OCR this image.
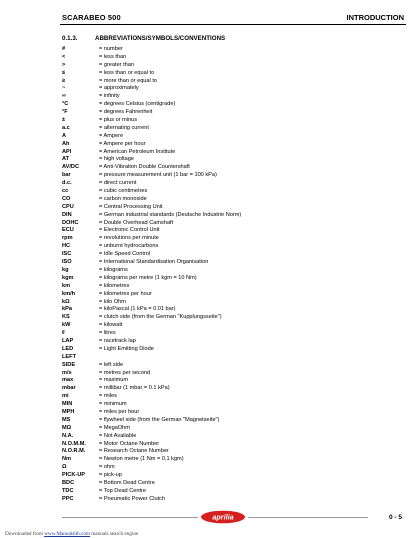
SCARABEO 500	INTRODUCTION
0.1.3.	ABBREVIATIONS/SYMBOLS/CONVENTIONS
#	= number
<	= less than
>	= greater than
≤	= less than or equal to
≥	= more than or equal to
~	= approximately
∞	= infinity
°C	= degrees Celsius (centigrade)
°F	= degrees Fahrenheit
±	= plus or minus
a.c	= alternating current
A	= Ampere
Ah	= Ampere per hour
API	= American Petroleum Institute
AT	= high voltage
AV/DC	= Anti-Vibration Double Countershaft
bar	= pressure measurement unit (1 bar = 100 kPa)
d.c.	= direct current
cc	= cubic centimetres
CO	= carbon monoxide
CPU	= Central Processing Unit
DIN	= German industrial standards (Deutsche Industrie Norm)
DOHC	= Double Overhead Camshaft
ECU	= Electronic Control Unit
rpm	= revolutions per minute
HC	= unburnt hydrocarbons
ISC	= Idle Speed Control
ISO	= International Standardisation Organisation
kg	= kilograms
kgm	= kilograms per metre (1 kgm = 10 Nm)
km	= kilometres
km/h	= kilometres per hour
kΩ	= kilo Ohm
kPa	= kiloPascal (1 kPa = 0.01 bar)
KS	= clutch side (from the German "Kupplungsseite")
kW	= kilowatt
ℓ	= litres
LAP	= racetrack lap
LED	= Light Emitting Diode
LEFT
SIDE	= left side
m/s	= metres per second
max	= maximum
mbar	= millibar (1 mbar = 0.1 kPa)
mi	= miles
MIN	= minimum
MPH	= miles per hour
MS	= flywheel side (from the German "Magnetseite")
MΩ	= MegaOhm
N.A.	= Not Available
N.O.M.M. = Motor Octane Number
N.O.R.M. = Research Octane Number
Nm	= Newton metre (1 Nm = 0.1 kgm)
Ω	= ohm
PICK-UP	= pick-up
BDC	= Bottom Dead Centre
TDC	= Top Dead Centre
PPC	= Pneumatic Power Clutch
aprilia	0 - 5
Downloaded from www.Manualslib.com manuals search engine
